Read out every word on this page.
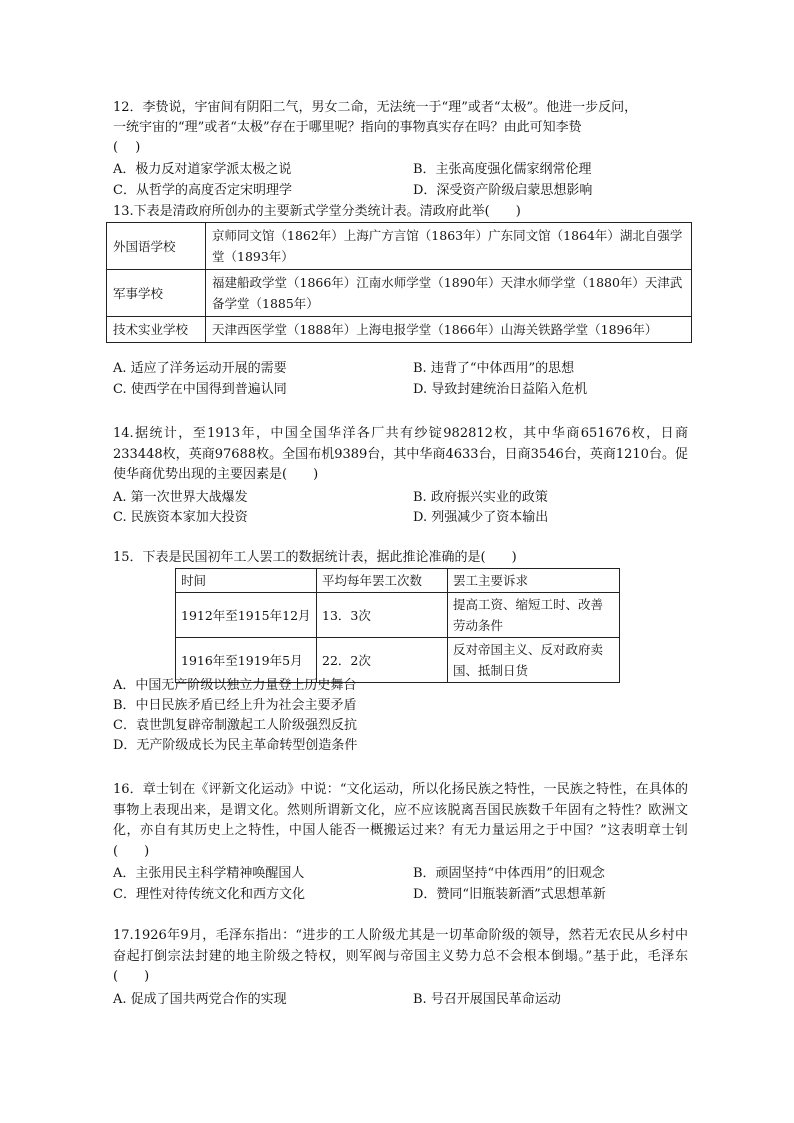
12．李贽说，宇宙间有阴阳二气，男女二命，无法统一于“理”或者“太极”。他进一步反问，
一统宇宙的“理”或者“太极”存在于哪里呢？指向的事物真实存在吗？由此可知李贽
(　 )
A．极力反对道家学派太极之说	B．主张高度强化儒家纲常伦理
C．从哲学的高度否定宋明理学	D．深受资产阶级启蒙思想影响
13.下表是清政府所创办的主要新式学堂分类统计表。清政府此举(　　)
外国语学校	京师同文馆（1862年）上海广方言馆（1863年）广东同文馆（1864年）湖北自强学堂（1893年）
军事学校	福建船政学堂（1866年）江南水师学堂（1890年）天津水师学堂（1880年）天津武备学堂（1885年）
技术实业学校	天津西医学堂（1888年）上海电报学堂（1866年）山海关铁路学堂（1896年）
A. 适应了洋务运动开展的需要	B. 违背了“中体西用”的思想
C. 使西学在中国得到普遍认同	D. 导致封建统治日益陷入危机
14.据统计，至1913年，中国全国华洋各厂共有纱锭982812枚，其中华商651676枚，日商233448枚，英商97688枚。全国布机9389台，其中华商4633台，日商3546台，英商1210台。促使华商优势出现的主要因素是(　　)
A. 第一次世界大战爆发	B. 政府振兴实业的政策
C. 民族资本家加大投资	D. 列强减少了资本输出
15．下表是民国初年工人罢工的数据统计表，据此推论准确的是(　　)
时间	平均每年罢工次数	罢工主要诉求
1912年至1915年12月	13．3次	提高工资、缩短工时、改善劳动条件
1916年至1919年5月	22．2次	反对帝国主义、反对政府卖国、抵制日货
A．中国无产阶级以独立力量登上历史舞台
B．中日民族矛盾已经上升为社会主要矛盾
C．袁世凯复辟帝制激起工人阶级强烈反抗
D．无产阶级成长为民主革命转型创造条件
16．章士钊在《评新文化运动》中说：“文化运动，所以化扬民族之特性，一民族之特性，在具体的事物上表现出来，是谓文化。然则所谓新文化，应不应该脱离吾国民族数千年固有之特性？欧洲文化，亦自有其历史上之特性，中国人能否一概搬运过来？有无力量运用之于中国？”这表明章士钊(　　)
A．主张用民主科学精神唤醒国人	B．顽固坚持“中体西用”的旧观念
C．理性对待传统文化和西方文化	D．赞同“旧瓶装新酒”式思想革新
17.1926年9月，毛泽东指出：“进步的工人阶级尤其是一切革命阶级的领导，然若无农民从乡村中奋起打倒宗法封建的地主阶级之特权，则军阀与帝国主义势力总不会根本倒塌。”基于此，毛泽东(　　)
A. 促成了国共两党合作的实现	B. 号召开展国民革命运动
